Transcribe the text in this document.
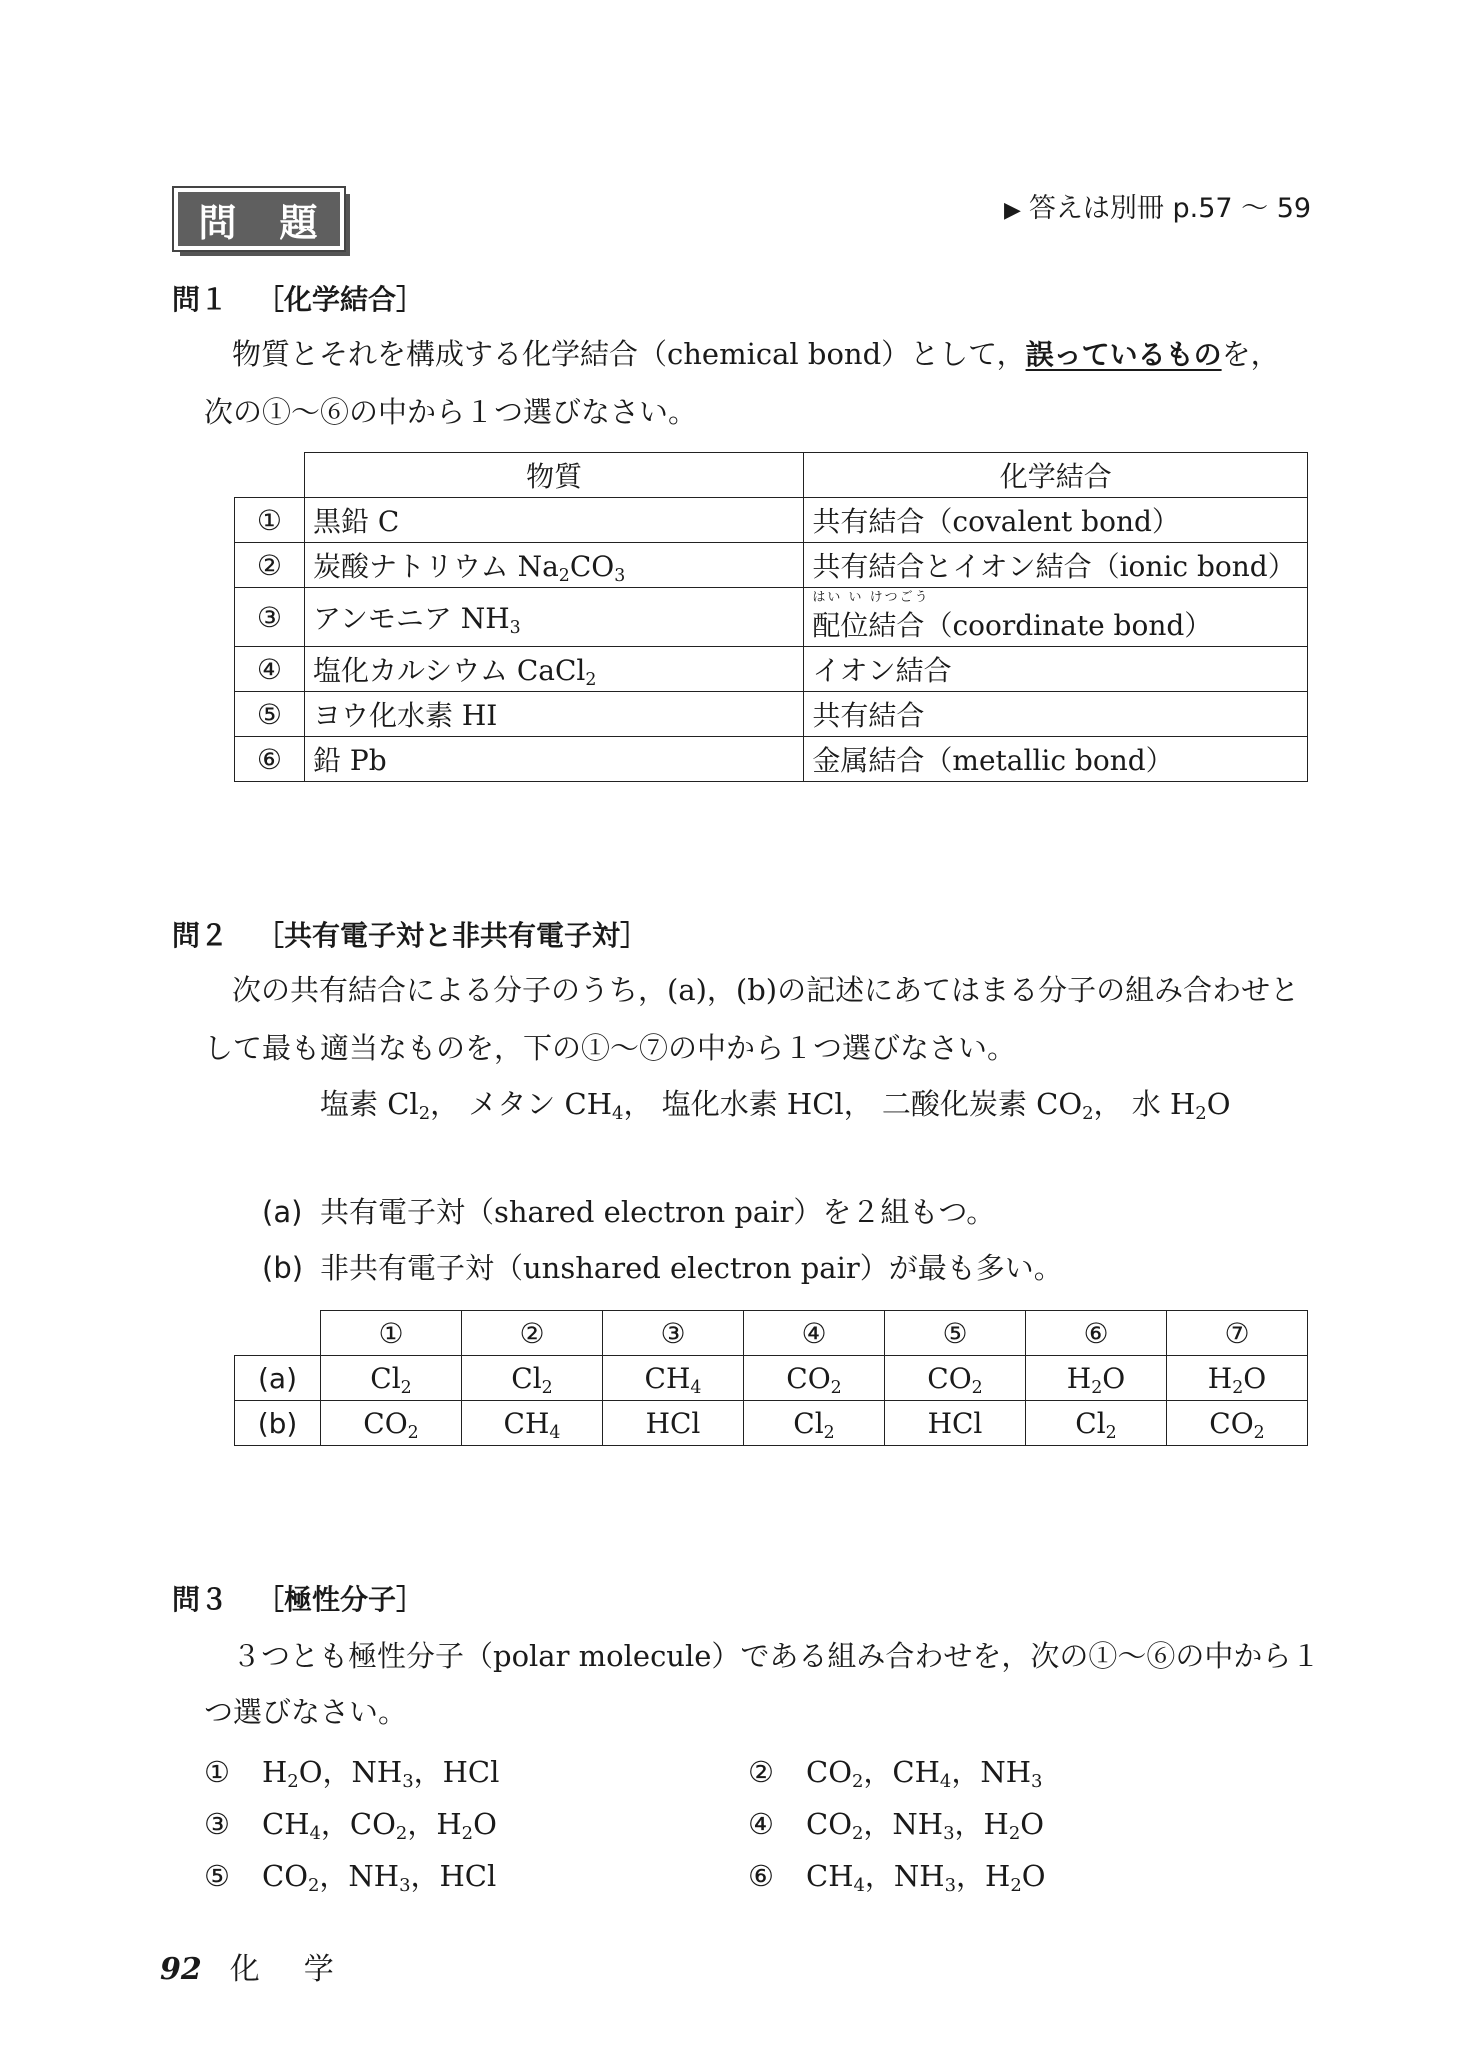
問 題	▶ 答えは別冊 p.57 ～ 59
問１ ［化学結合］
物質とそれを構成する化学結合（chemical bond）として，誤っているものを，
次の①～⑥の中から１つ選びなさい。
	物質	化学結合
①	黒鉛 C	共有結合（covalent bond）
②	炭酸ナトリウム $Na_2CO_3$	共有結合とイオン結合（ionic bond）
③	アンモニア $NH_3$	はい い けつごう
配位結合（coordinate bond）
④	塩化カルシウム CaCl$_2$	イオン結合
⑤	ヨウ化水素 HI	共有結合
⑥	鉛 Pb	金属結合（metallic bond）
問２ ［共有電子対と非共有電子対］
次の共有結合による分子のうち，(a)，(b)の記述にあてはまる分子の組み合わせと
して最も適当なものを，下の①～⑦の中から１つ選びなさい。
塩素 $Cl_2$， メタン $CH_4$， 塩化水素 HCl， 二酸化炭素 $CO_2$， 水 $H_2O$
(a) 共有電子対（shared electron pair）を２組もつ。
(b) 非共有電子対（unshared electron pair）が最も多い。
	①	②	③	④	⑤	⑥	⑦
(a)	$Cl_2$	$Cl_2$	$CH_4$	$CO_2$	$CO_2$	$H_2O$	$H_2O$
(b)	$CO_2$	$CH_4$	HCl	$Cl_2$	HCl	$Cl_2$	$CO_2$
問３ ［極性分子］
３つとも極性分子（polar molecule）である組み合わせを，次の①～⑥の中から１
つ選びなさい。
① $H_2O$，$NH_3$，HCl	② $CO_2$，$CH_4$，$NH_3$
③ $CH_4$，$CO_2$，$H_2O$	④ $CO_2$，$NH_3$，$H_2O$
⑤ $CO_2$，$NH_3$，HCl	⑥ $CH_4$，$NH_3$，$H_2O$
92 化学
